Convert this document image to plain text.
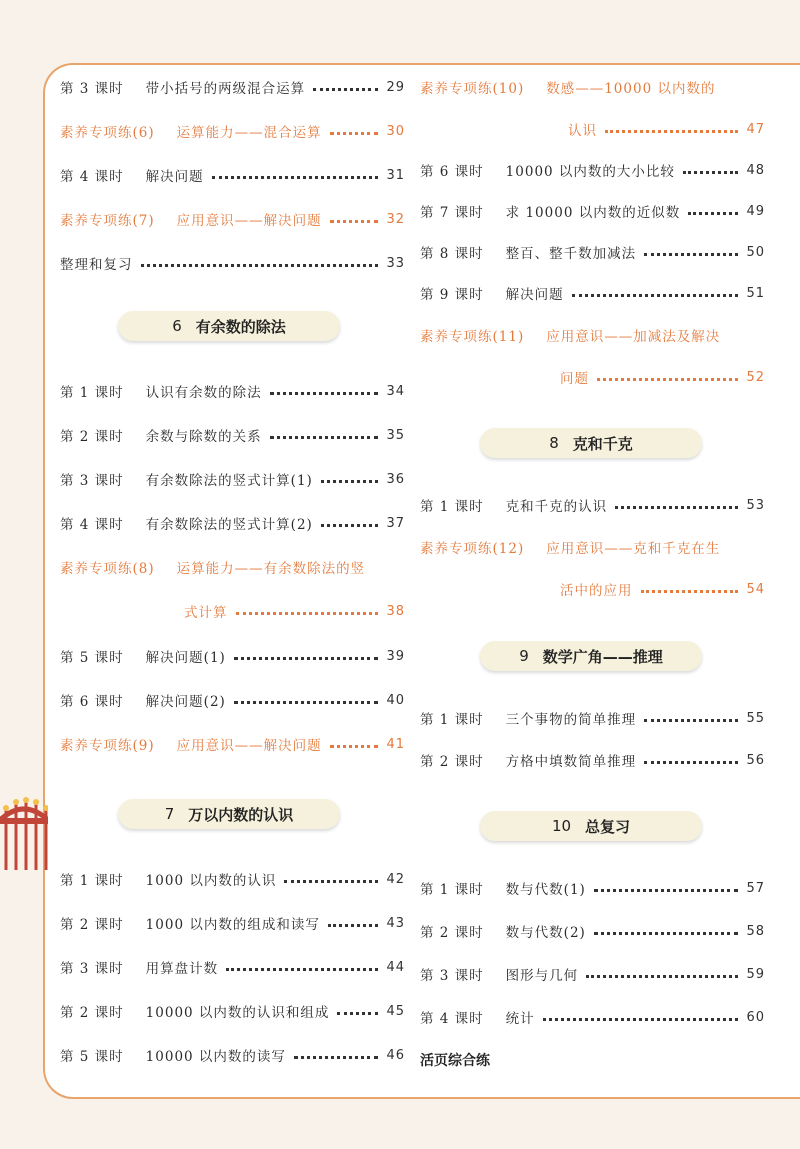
第 3 课时 带小括号的两级混合运算	29
素养专项练(6) 运算能力——混合运算	30
第 4 课时 解决问题	31
素养专项练(7) 应用意识——解决问题	32
整理和复习	33
6 有余数的除法
第 1 课时 认识有余数的除法	34
第 2 课时 余数与除数的关系	35
第 3 课时 有余数除法的竖式计算(1)	36
第 4 课时 有余数除法的竖式计算(2)	37
素养专项练(8) 运算能力——有余数除法的竖
式计算	38
第 5 课时 解决问题(1)	39
第 6 课时 解决问题(2)	40
素养专项练(9) 应用意识——解决问题	41
7 万以内数的认识
第 1 课时 1000 以内数的认识	42
第 2 课时 1000 以内数的组成和读写	43
第 3 课时 用算盘计数	44
第 2 课时 10000 以内数的认识和组成	45
第 5 课时 10000 以内数的读写	46
素养专项练(10) 数感——10000 以内数的
认识	47
第 6 课时 10000 以内数的大小比较	48
第 7 课时 求 10000 以内数的近似数	49
第 8 课时 整百、整千数加减法	50
第 9 课时 解决问题	51
素养专项练(11) 应用意识——加减法及解决
问题	52
8 克和千克
第 1 课时 克和千克的认识	53
素养专项练(12) 应用意识——克和千克在生
活中的应用	54
9 数学广角——推理
第 1 课时 三个事物的简单推理	55
第 2 课时 方格中填数简单推理	56
10 总复习
第 1 课时 数与代数(1)	57
第 2 课时 数与代数(2)	58
第 3 课时 图形与几何	59
第 4 课时 统计	60
活页综合练
